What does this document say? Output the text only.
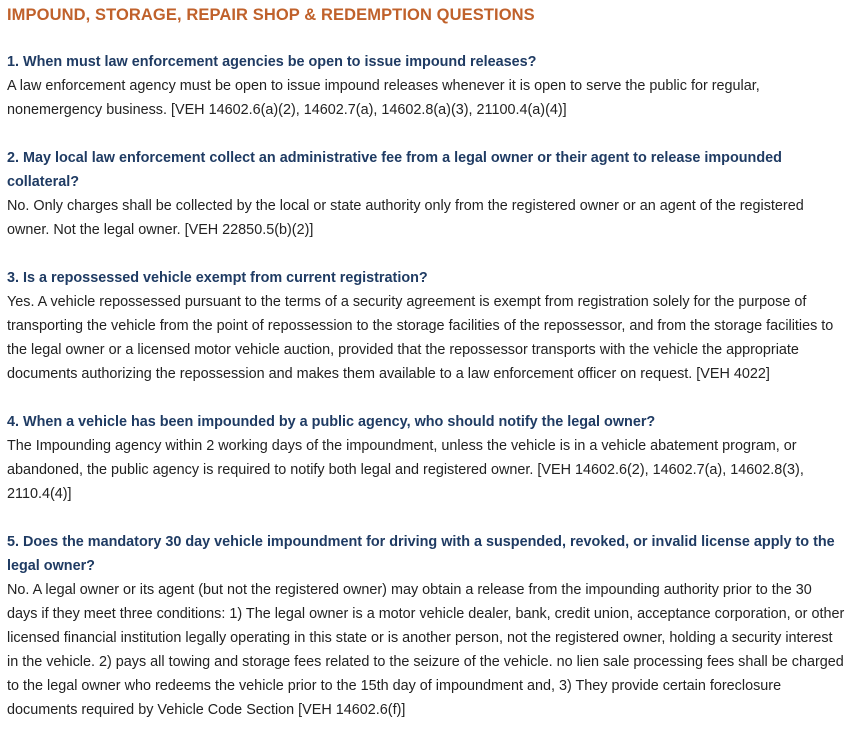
IMPOUND, STORAGE, REPAIR SHOP & REDEMPTION QUESTIONS

1. When must law enforcement agencies be open to issue impound releases?

A law enforcement agency must be open to issue impound releases whenever it is open to serve the public for regular, nonemergency business. [VEH 14602.6(a)(2), 14602.7(a), 14602.8(a)(3), 21100.4(a)(4)]

2. May local law enforcement collect an administrative fee from a legal owner or their agent to release impounded collateral?

No. Only charges shall be collected by the local or state authority only from the registered owner or an agent of the registered owner. Not the legal owner. [VEH 22850.5(b)(2)]

3. Is a repossessed vehicle exempt from current registration?

Yes. A vehicle repossessed pursuant to the terms of a security agreement is exempt from registration solely for the purpose of transporting the vehicle from the point of repossession to the storage facilities of the repossessor, and from the storage facilities to the legal owner or a licensed motor vehicle auction, provided that the repossessor transports with the vehicle the appropriate documents authorizing the repossession and makes them available to a law enforcement officer on request. [VEH 4022]

4. When a vehicle has been impounded by a public agency, who should notify the legal owner?

The Impounding agency within 2 working days of the impoundment, unless the vehicle is in a vehicle abatement program, or abandoned, the public agency is required to notify both legal and registered owner. [VEH 14602.6(2), 14602.7(a), 14602.8(3), 2110.4(4)]

5. Does the mandatory 30 day vehicle impoundment for driving with a suspended, revoked, or invalid license apply to the legal owner?

No. A legal owner or its agent (but not the registered owner) may obtain a release from the impounding authority prior to the 30 days if they meet three conditions: 1) The legal owner is a motor vehicle dealer, bank, credit union, acceptance corporation, or other licensed financial institution legally operating in this state or is another person, not the registered owner, holding a security interest in the vehicle. 2) pays all towing and storage fees related to the seizure of the vehicle. no lien sale processing fees shall be charged to the legal owner who redeems the vehicle prior to the 15th day of impoundment and, 3) They provide certain foreclosure documents required by Vehicle Code Section [VEH 14602.6(f)]
